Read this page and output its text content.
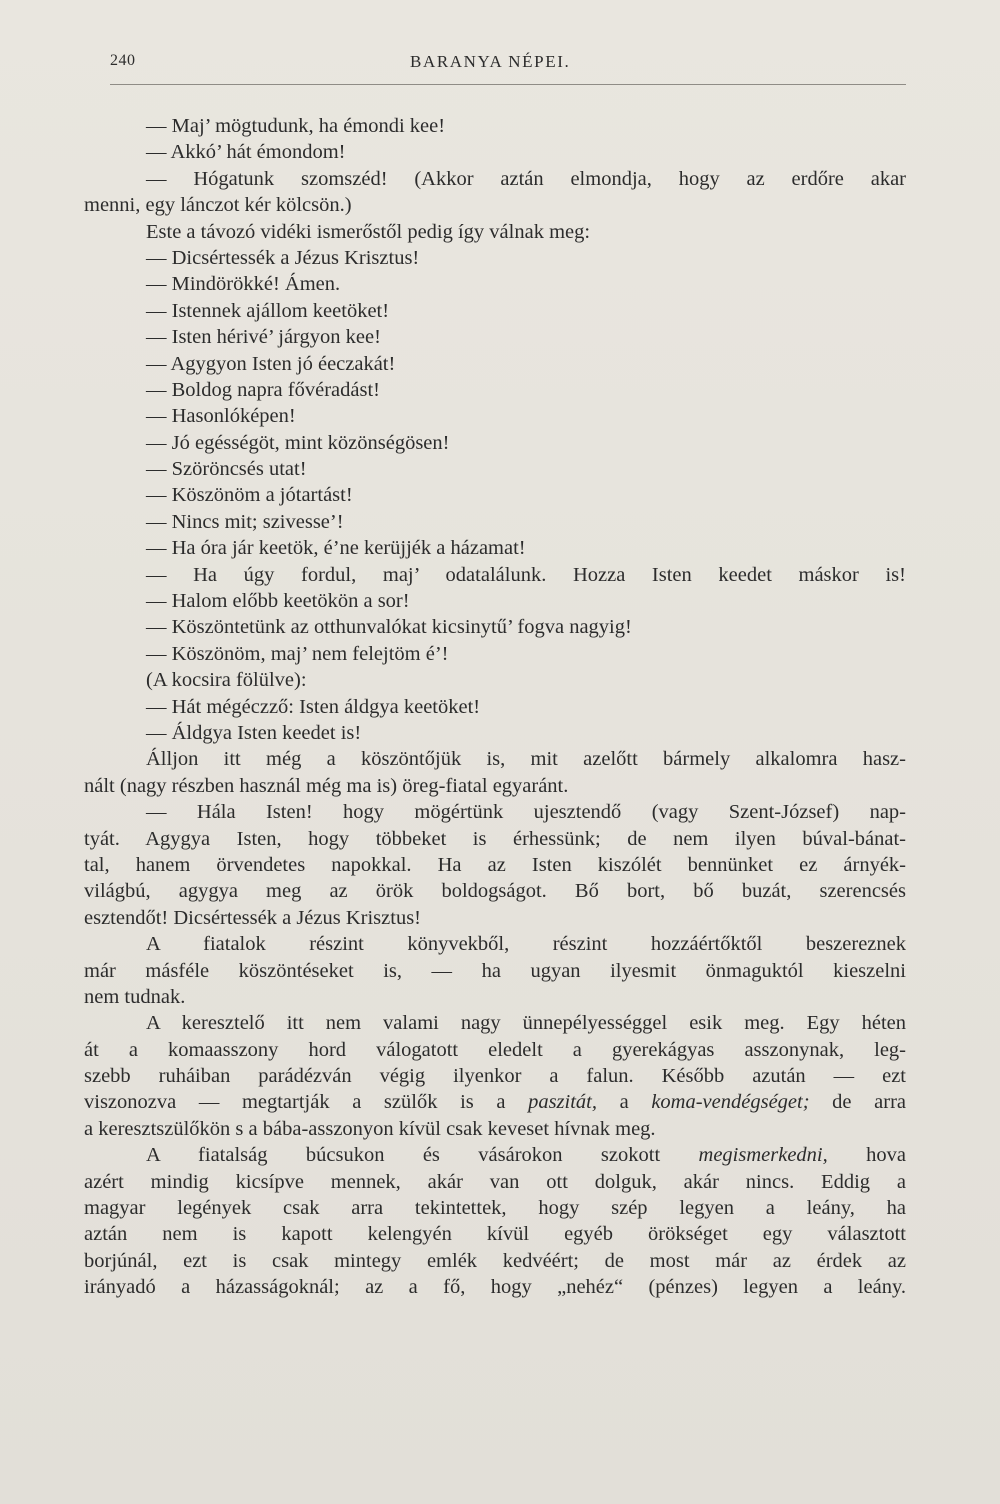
240	BARANYA NÉPEI.
— Maj’ mögtudunk, ha émondi kee!
— Akkó’ hát émondom!
— Hógatunk szomszéd! (Akkor aztán elmondja, hogy az erdőre akar
menni, egy lánczot kér kölcsön.)
Este a távozó vidéki ismerőstől pedig így válnak meg:
— Dicsértessék a Jézus Krisztus!
— Mindörökké! Ámen.
— Istennek ajállom keetöket!
— Isten hérivé’ járgyon kee!
— Agygyon Isten jó éeczakát!
— Boldog napra fővéradást!
— Hasonlóképen!
— Jó egésségöt, mint közönségösen!
— Szöröncsés utat!
— Köszönöm a jótartást!
— Nincs mit; szivesse’!
— Ha óra jár keetök, é’ne kerüjjék a házamat!
— Ha úgy fordul, maj’ odatalálunk. Hozza Isten keedet máskor is!
— Halom előbb keetökön a sor!
— Köszöntetünk az otthunvalókat kicsinytű’ fogva nagyig!
— Köszönöm, maj’ nem felejtöm é’!
(A kocsira fölülve):
— Hát mégéczző: Isten áldgya keetöket!
— Áldgya Isten keedet is!
Álljon itt még a köszöntőjük is, mit azelőtt bármely alkalomra hasz-
nált (nagy részben használ még ma is) öreg-fiatal egyaránt.
— Hála Isten! hogy mögértünk ujesztendő (vagy Szent-József) nap-
tyát. Agygya Isten, hogy többeket is érhessünk; de nem ilyen búval-bánat-
tal, hanem örvendetes napokkal. Ha az Isten kiszólét bennünket ez árnyék-
világbú, agygya meg az örök boldogságot. Bő bort, bő buzát, szerencsés
esztendőt! Dicsértessék a Jézus Krisztus!
A fiatalok részint könyvekből, részint hozzáértőktől beszereznek
már másféle köszöntéseket is, — ha ugyan ilyesmit önmaguktól kieszelni
nem tudnak.
A keresztelő itt nem valami nagy ünnepélyességgel esik meg. Egy héten
át a komaasszony hord válogatott eledelt a gyerekágyas asszonynak, leg-
szebb ruháiban parádézván végig ilyenkor a falun. Később azután — ezt
viszonozva — megtartják a szülők is a paszitát, a koma-vendégséget; de arra
a keresztszülőkön s a bába-asszonyon kívül csak keveset hívnak meg.
A fiatalság búcsukon és vásárokon szokott megismerkedni, hova
azért mindig kicsípve mennek, akár van ott dolguk, akár nincs. Eddig a
magyar legények csak arra tekintettek, hogy szép legyen a leány, ha
aztán nem is kapott kelengyén kívül egyéb örökséget egy választott
borjúnál, ezt is csak mintegy emlék kedvéért; de most már az érdek az
irányadó a házasságoknál; az a fő, hogy „nehéz“ (pénzes) legyen a leány.
